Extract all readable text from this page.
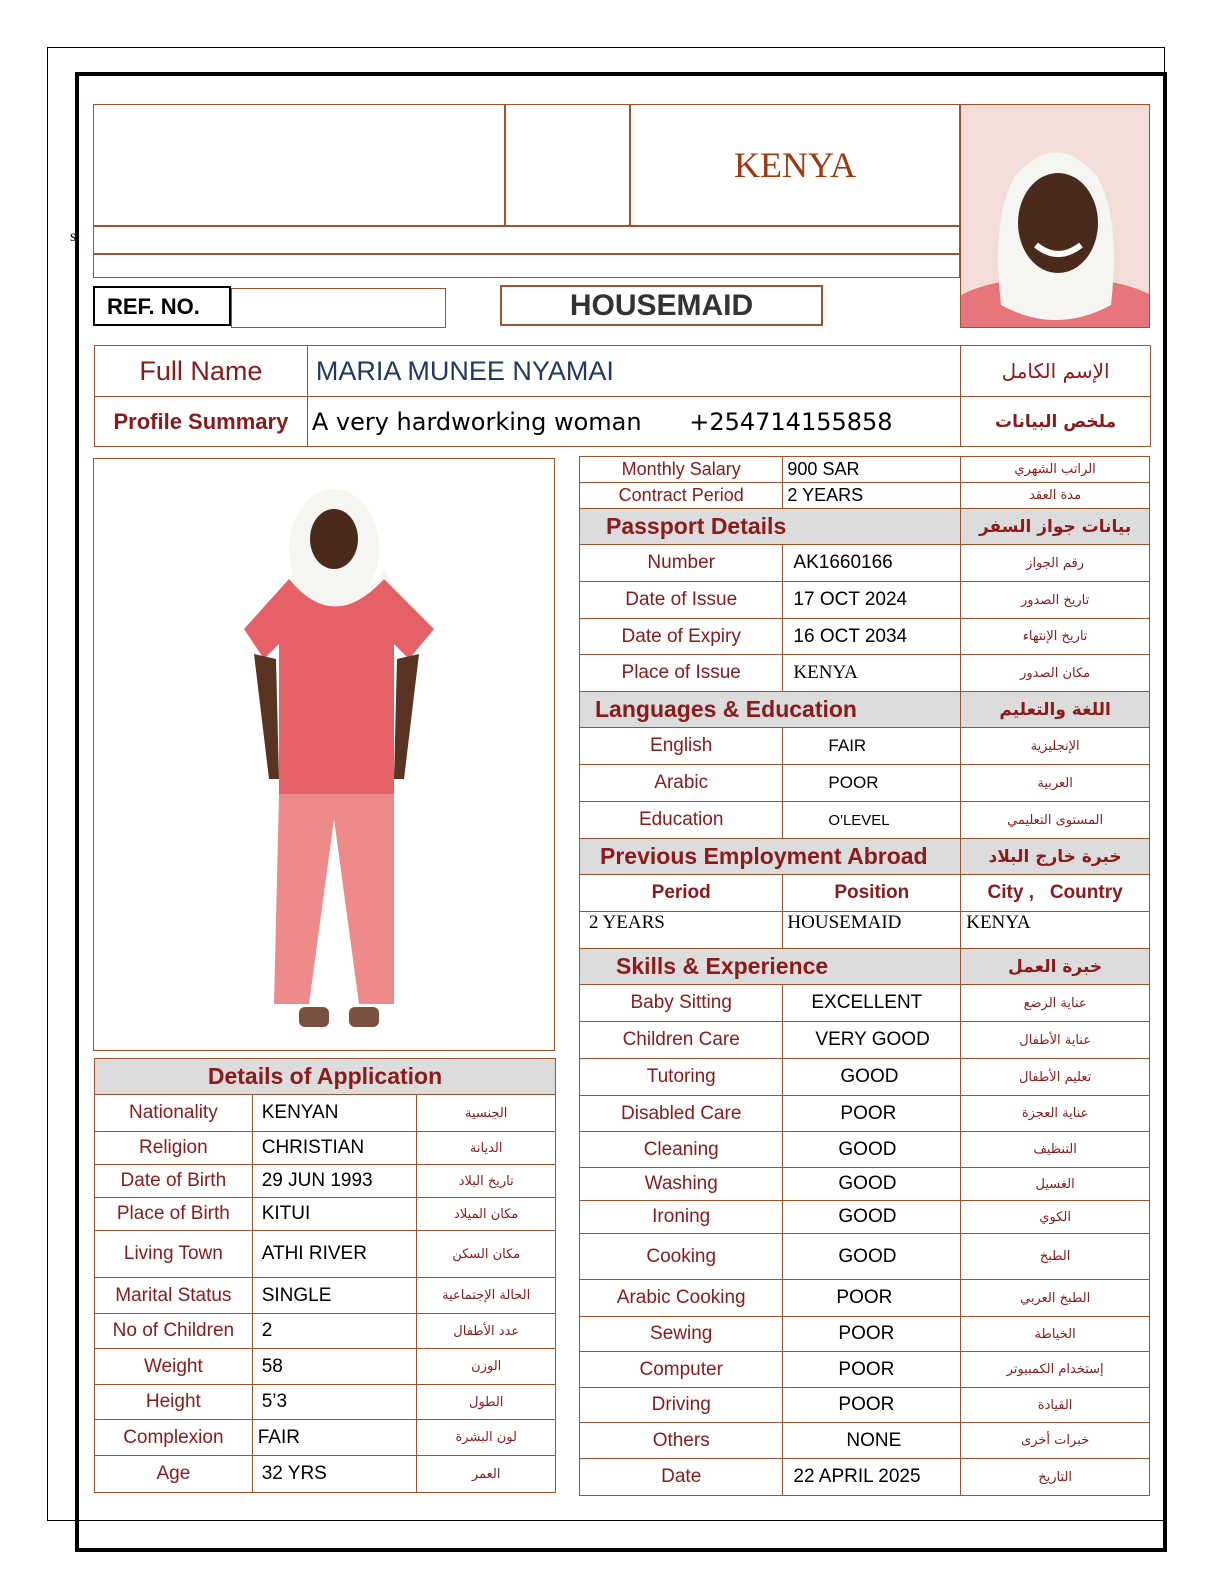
s
KENYA
REF. NO.	HOUSEMAID
Full Name	MARIA MUNEE NYAMAI	الإسم الكامل
Profile Summary	A very hardworking woman +254714155858	ملخص البيانات
Details of Application		
Nationality	KENYAN	الجنسية
Religion	CHRISTIAN	الديانة
Date of Birth	29 JUN 1993	تاريخ البلاد
Place of Birth	KITUI	مكان الميلاد
Living Town	ATHI RIVER	مكان السكن
Marital Status	SINGLE	الحالة الإجتماعية
No of Children	2	عدد الأطفال
Weight	58	الوزن
Height	5’3	الطول
Complexion	FAIR	لون البشرة
Age	32 YRS	العمر
Monthly Salary	900 SAR	الراتب الشهري
Contract Period	2 YEARS	مدة العقد
Passport Details		بيانات جواز السفر
Number	AK1660166	رقم الجواز
Date of Issue	17 OCT 2024	تاريخ الصدور
Date of Expiry	16 OCT 2034	تاريخ الإنتهاء
Place of Issue	KENYA	مكان الصدور
Languages & Education		اللغة والتعليم
English	FAIR	الإنجليزية
Arabic	POOR	العربية
Education	O'LEVEL	المستوى التعليمي
Previous Employment Abroad		خبرة خارج البلاد
Period	Position	City ,   Country
2 YEARS	HOUSEMAID	KENYA
Skills & Experience		خبرة العمل
Baby Sitting	EXCELLENT	عناية الرضع
Children Care	VERY GOOD	عناية الأطفال
Tutoring	GOOD	تعليم الأطفال
Disabled Care	POOR	عناية العجزة
Cleaning	GOOD	التنظيف
Washing	GOOD	الغسيل
Ironing	GOOD	الكوي
Cooking	GOOD	الطبخ
Arabic Cooking	POOR	الطبخ العربي
Sewing	POOR	الخياطة
Computer	POOR	إستخدام الكمبيوتر
Driving	POOR	القيادة
Others	NONE	خبرات أخرى
Date	22 APRIL 2025	التاريخ
